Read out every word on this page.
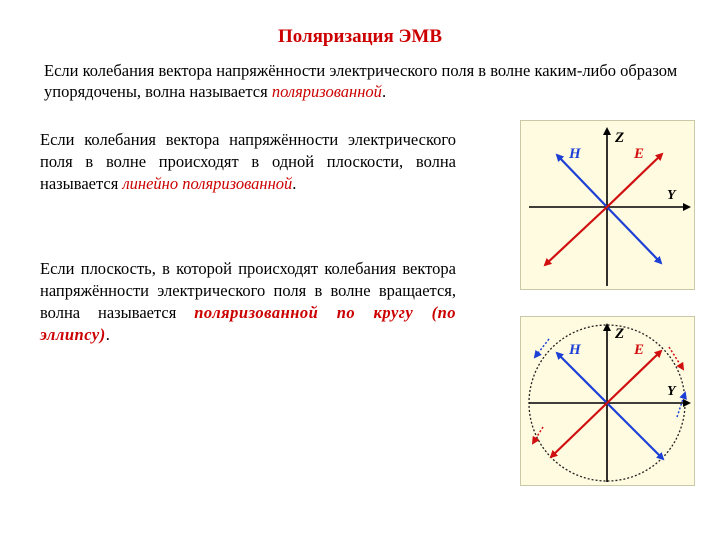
Поляризация ЭМВ
Если колебания вектора напряжённости электрического поля в волне каким-либо образом упорядочены, волна называется поляризованной.
Если колебания вектора напряжённости электрического поля в волне происходят в одной плоскости, волна называется линейно поляризованной.
Если плоскость, в которой происходят колебания вектора напряжённости электрического поля в волне вращается, волна называется поляризованной по кругу (по эллипсу).
Z
Y
H	E
Z
Y
H	E
